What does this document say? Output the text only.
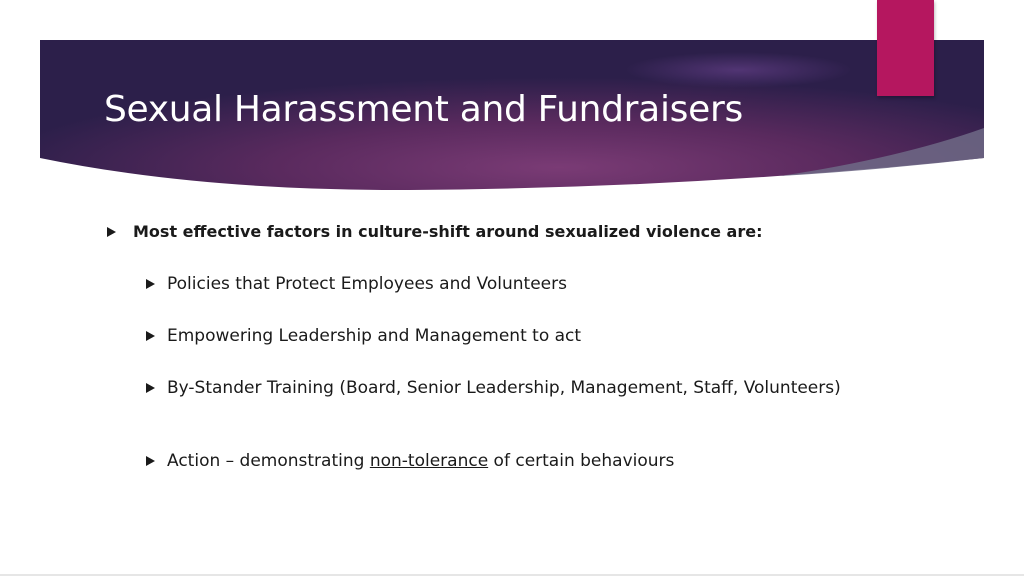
Sexual Harassment and Fundraisers
Most effective factors in culture-shift around sexualized violence are:
Policies that Protect Employees and Volunteers
Empowering Leadership and Management to act
By-Stander Training (Board, Senior Leadership, Management, Staff, Volunteers)
Action – demonstrating non-tolerance of certain behaviours
